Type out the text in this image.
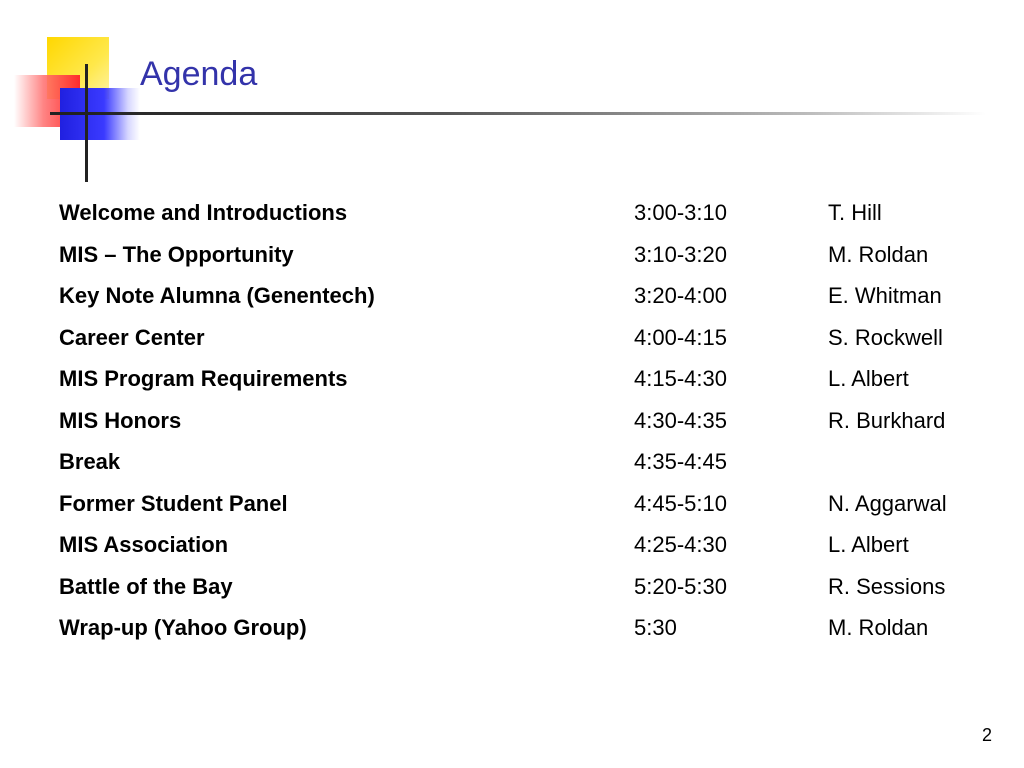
Agenda
Welcome and Introductions	3:00-3:10	T. Hill
MIS – The Opportunity	3:10-3:20	M. Roldan
Key Note Alumna (Genentech)	3:20-4:00	E. Whitman
Career Center	4:00-4:15	S. Rockwell
MIS Program Requirements	4:15-4:30	L. Albert
MIS Honors	4:30-4:35	R. Burkhard
Break	4:35-4:45
Former Student Panel	4:45-5:10	N. Aggarwal
MIS Association	4:25-4:30	L. Albert
Battle of the Bay	5:20-5:30	R. Sessions
Wrap-up (Yahoo Group)	5:30	M. Roldan
2
